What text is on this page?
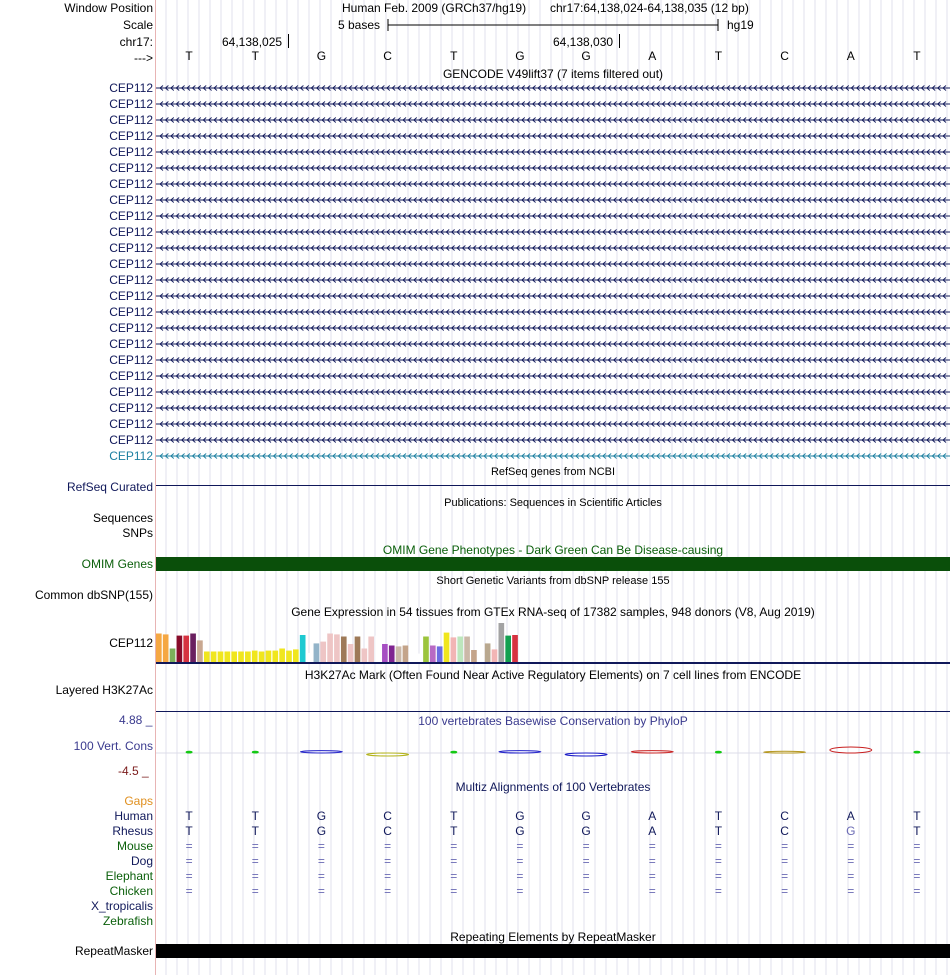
Window Position	Human Feb. 2009 (GRCh37/hg19) chr17:64,138,024-64,138,035 (12 bp)
Scale	5 bases	hg19
chr17:	64,138,025	64,138,030
--->	T	T	G	C	T	G	G	A	T	C	A	T
GENCODE V49lift37 (7 items filtered out)
CEP112
CEP112
CEP112
CEP112
CEP112
CEP112
CEP112
CEP112
CEP112
CEP112
CEP112
CEP112
CEP112
CEP112
CEP112
CEP112
CEP112
CEP112
CEP112
CEP112
CEP112
CEP112
CEP112
CEP112
RefSeq genes from NCBI
RefSeq Curated
Publications: Sequences in Scientific Articles
Sequences
SNPs
OMIM Gene Phenotypes - Dark Green Can Be Disease-causing
OMIM Genes
Short Genetic Variants from dbSNP release 155
Common dbSNP(155)
Gene Expression in 54 tissues from GTEx RNA-seq of 17382 samples, 948 donors (V8, Aug 2019)
CEP112
H3K27Ac Mark (Often Found Near Active Regulatory Elements) on 7 cell lines from ENCODE
Layered H3K27Ac
4.88 _	100 vertebrates Basewise Conservation by PhyloP
100 Vert. Cons
-4.5 _
Multiz Alignments of 100 Vertebrates
Gaps
Human	T	T	G	C	T	G	G	A	T	C	A	T
Rhesus	T	T	G	C	T	G	G	A	T	C	G	T
Mouse	=	=	=	=	=	=	=	=	=	=	=	=
Dog	=	=	=	=	=	=	=	=	=	=	=	=
Elephant	=	=	=	=	=	=	=	=	=	=	=	=
Chicken	=	=	=	=	=	=	=	=	=	=	=	=
X_tropicalis
Zebrafish
Repeating Elements by RepeatMasker
RepeatMasker
